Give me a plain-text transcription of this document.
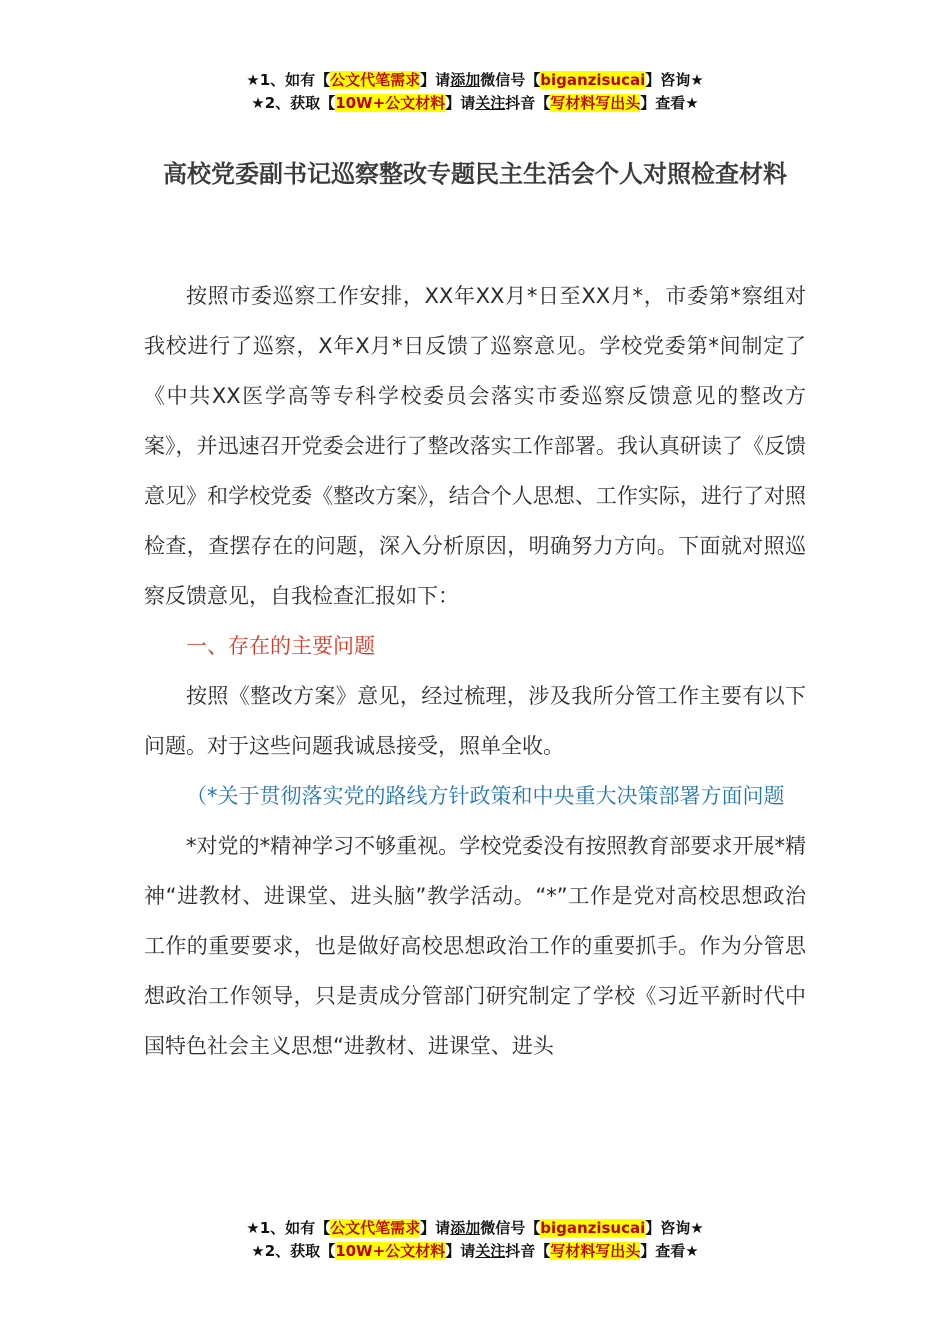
★1、如有【公文代笔需求】请添加微信号【biganzisucai】咨询★
★2、获取【10W+公文材料】请关注抖音【写材料写出头】查看★
高校党委副书记巡察整改专题民主生活会个人对照检查材料

按照市委巡察工作安排，XX年XX月*日至XX月*，市委第*察组对我校进行了巡察，X年X月*日反馈了巡察意见。学校党委第*间制定了《中共XX医学高等专科学校委员会落实市委巡察反馈意见的整改方案》，并迅速召开党委会进行了整改落实工作部署。我认真研读了《反馈意见》和学校党委《整改方案》，结合个人思想、工作实际，进行了对照检查，查摆存在的问题，深入分析原因，明确努力方向。下面就对照巡察反馈意见，自我检查汇报如下：

一、存在的主要问题

按照《整改方案》意见，经过梳理，涉及我所分管工作主要有以下问题。对于这些问题我诚恳接受，照单全收。

（*关于贯彻落实党的路线方针政策和中央重大决策部署方面问题

*对党的*精神学习不够重视。学校党委没有按照教育部要求开展*精神“进教材、进课堂、进头脑”教学活动。“*”工作是党对高校思想政治工作的重要要求，也是做好高校思想政治工作的重要抓手。作为分管思想政治工作领导，只是责成分管部门研究制定了学校《习近平新时代中国特色社会主义思想“进教材、进课堂、进头

★1、如有【公文代笔需求】请添加微信号【biganzisucai】咨询★
★2、获取【10W+公文材料】请关注抖音【写材料写出头】查看★
